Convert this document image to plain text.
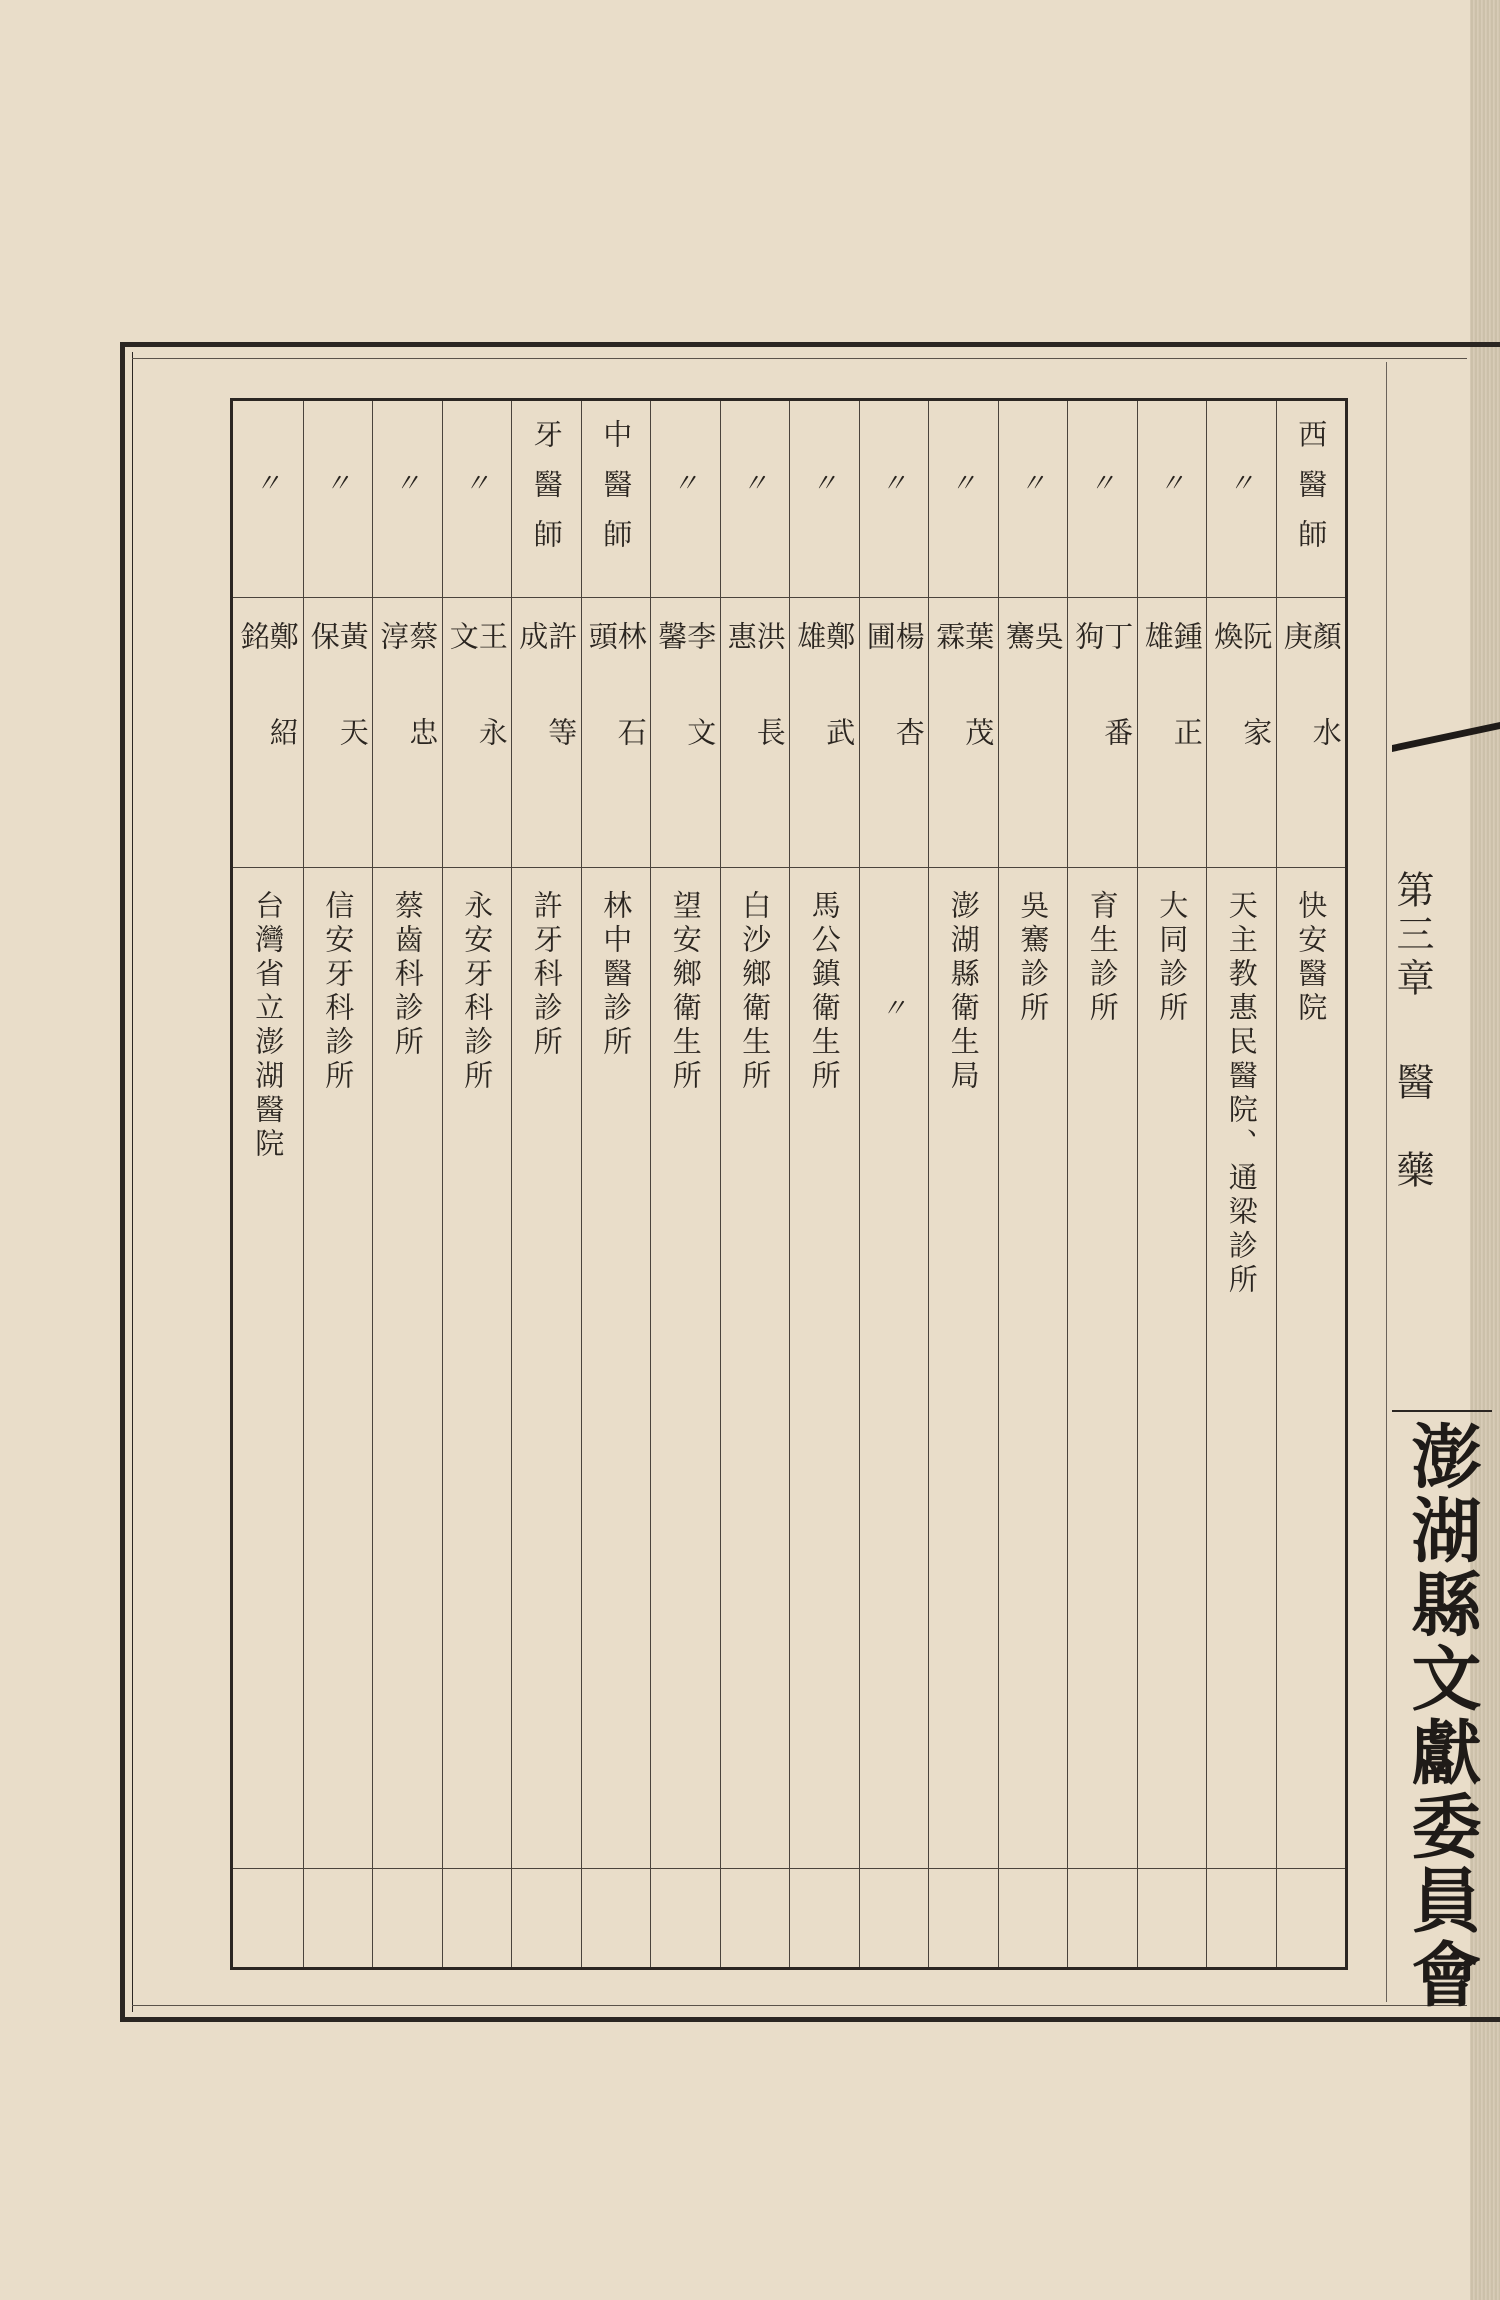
第三章醫　藥
澎湖縣文獻委員會
西醫師
顏水庚
快安醫院
〃
阮家煥
天主教惠民醫院、通梁診所
〃
鍾正雄
大同診所
〃
丁番狗
育生診所
〃
吳　騫
吳騫診所
〃
葉茂霖
澎湖縣衛生局
〃
楊杏圃
〃
〃
鄭武雄
馬公鎮衛生所
〃
洪長惠
白沙鄉衛生所
〃
李文馨
望安鄉衛生所
中醫師
林石頭
林中醫診所
牙醫師
許等成
許牙科診所
〃
王永文
永安牙科診所
〃
蔡忠淳
蔡齒科診所
〃
黃天保
信安牙科診所
〃
鄭紹銘
台灣省立澎湖醫院
